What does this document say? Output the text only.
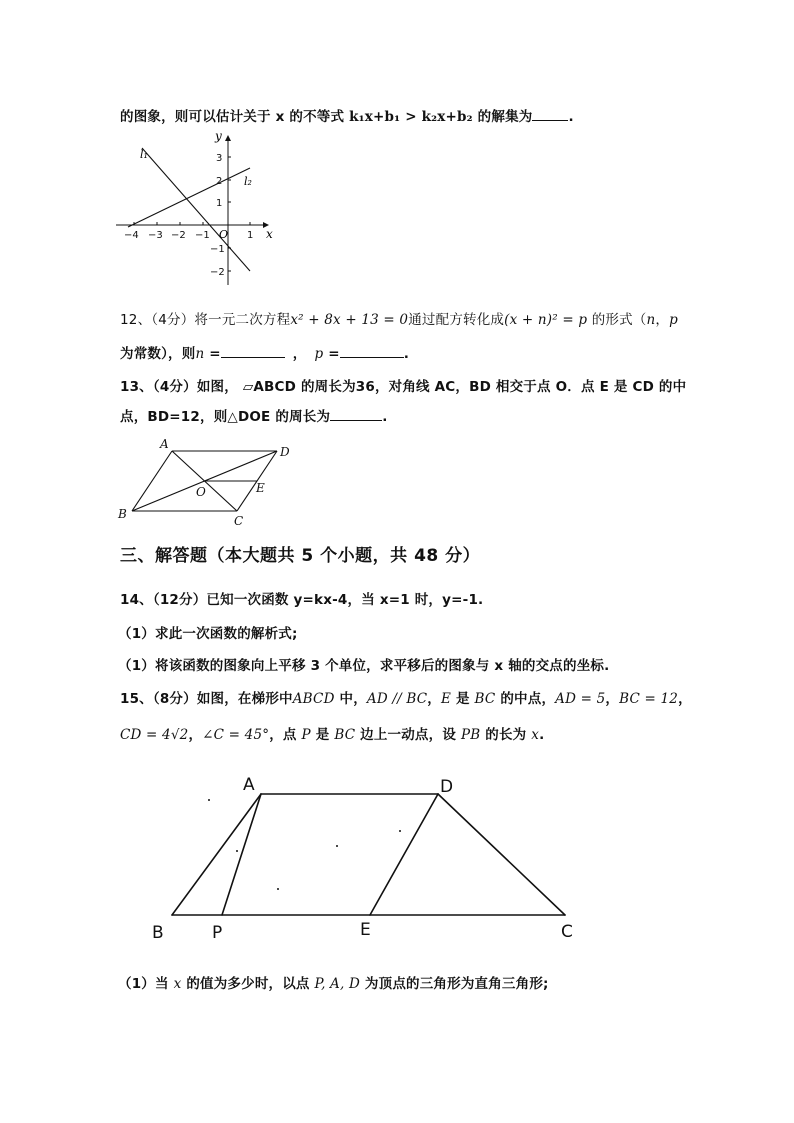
的图象，则可以估计关于 x 的不等式 k₁x+b₁ > k₂x+b₂ 的解集为	.
y
x
O
l₁
l₂
−4 −3 −2 −1	1
3
2
1
−1
−2
12、（4分）将一元二次方程x² + 8x + 13 = 0通过配方转化成(x + n)² = p 的形式（n，p
为常数），则n =	， p =	.
13、（4分）如图， ▱ABCD 的周长为36，对角线 AC，BD 相交于点 O．点 E 是 CD 的中
点，BD=12，则△DOE 的周长为	.
A
D
O	E
B	C
三、解答题（本大题共 5 个小题，共 48 分）
14、（12分）已知一次函数 y=kx-4，当 x=1 时，y=-1.
（1）求此一次函数的解析式;
（1）将该函数的图象向上平移 3 个单位，求平移后的图象与 x 轴的交点的坐标.
15、（8分）如图，在梯形中ABCD 中，AD // BC，E 是 BC 的中点，AD = 5，BC = 12，
CD = 4√2，∠C = 45°，点 P 是 BC 边上一动点，设 PB 的长为 x.
A	D
B	P	E	C
（1）当 x 的值为多少时，以点 P, A, D 为顶点的三角形为直角三角形;
